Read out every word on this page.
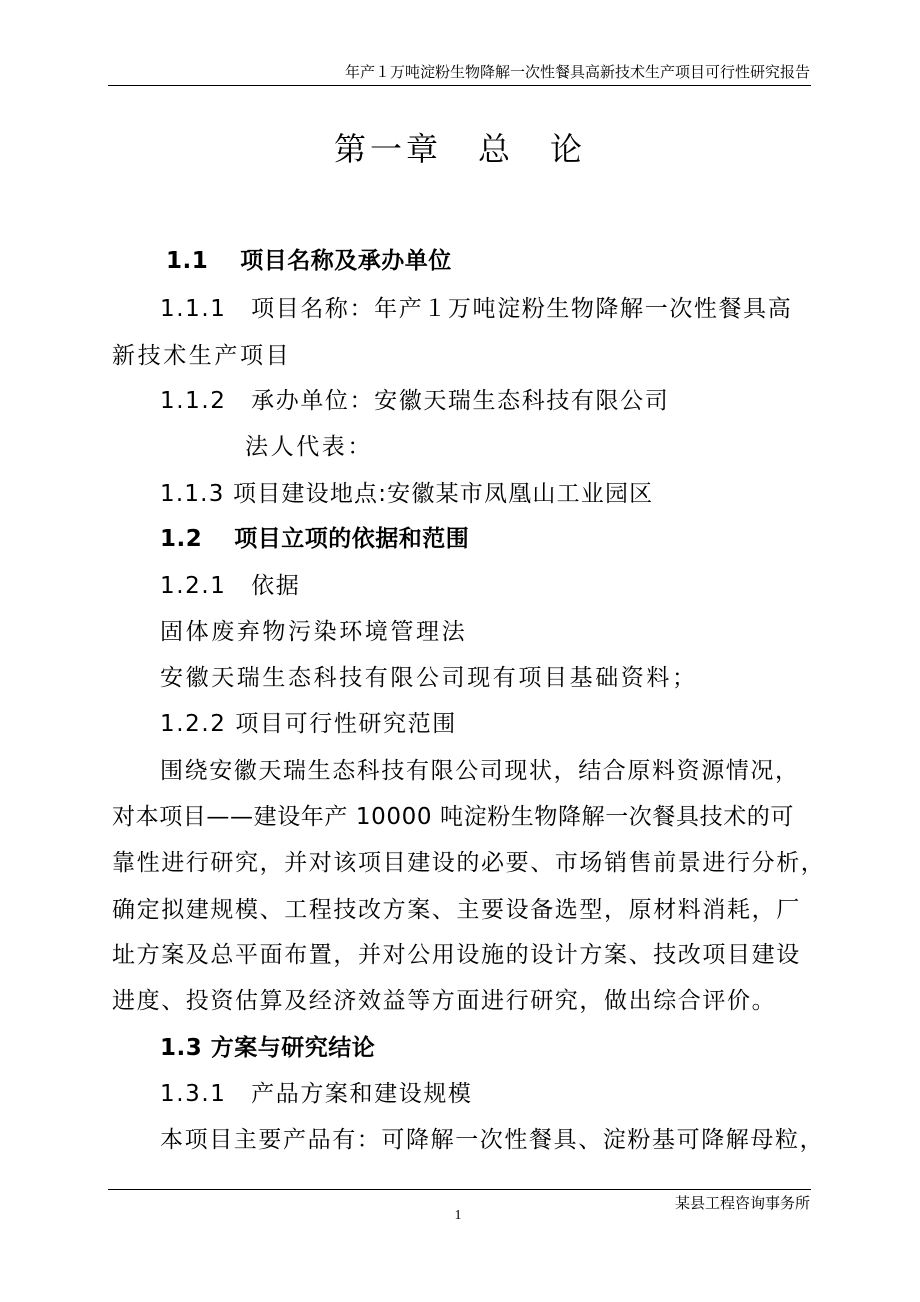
年产１万吨淀粉生物降解一次性餐具高新技术生产项目可行性研究报告
第一章　总　论
1.1　 项目名称及承办单位
1.1.1　项目名称：年产１万吨淀粉生物降解一次性餐具高
新技术生产项目
1.1.2　承办单位：安徽天瑞生态科技有限公司
法人代表：
1.1.3 项目建设地点:安徽某市凤凰山工业园区
1.2　 项目立项的依据和范围
1.2.1　依据
固体废弃物污染环境管理法
安徽天瑞生态科技有限公司现有项目基础资料；
1.2.2 项目可行性研究范围
围绕安徽天瑞生态科技有限公司现状，结合原料资源情况，
对本项目——建设年产 10000 吨淀粉生物降解一次餐具技术的可
靠性进行研究，并对该项目建设的必要、市场销售前景进行分析，
确定拟建规模、工程技改方案、主要设备选型，原材料消耗，厂
址方案及总平面布置，并对公用设施的设计方案、技改项目建设
进度、投资估算及经济效益等方面进行研究，做出综合评价。
1.3 方案与研究结论
1.3.1　产品方案和建设规模
本项目主要产品有：可降解一次性餐具、淀粉基可降解母粒，
1
某县工程咨询事务所
